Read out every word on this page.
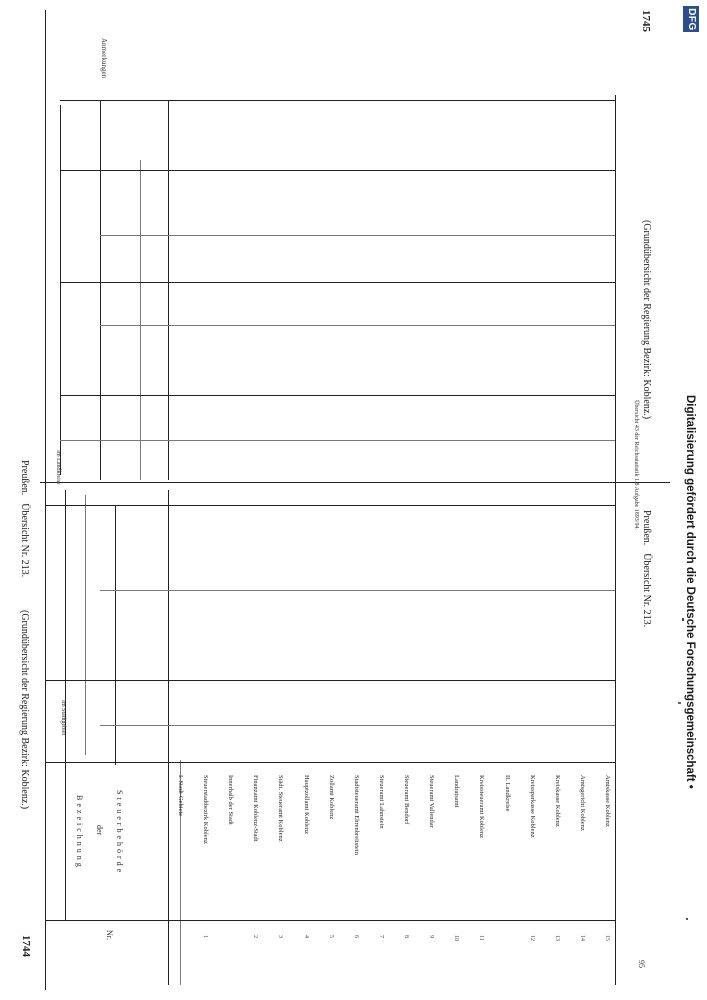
Digitalisierung gefördert durch die Deutsche Forschungsgemeinschaft •
DFG
1745
(Grundübersicht der Regierung Bezirk: Koblenz.)
Preußen.  Übersicht Nr. 213.
Preußen.  Übersicht Nr. 213.
(Grundübersicht der Regierung Bezirk: Koblenz.)
1744
Bezeichnung	der	Steuerbehörde
Nr.
Im Stadtgebiet
Im Landkreise
Anmerkungen
I. Stadt-Gebiete	Steuerstadtbezirk Koblenz
1
Innerhalb der Stadt	Finanzamt Koblenz-Stadt
2
Städt. Steueramt Koblenz
3
Hauptzollamt Koblenz
4
Zollamt Koblenz
5
Stadtsteueramt Ehrenbreitstein
6
Steueramt Lahnstein
7
Steueramt Bendorf
8
Steueramt Vallendar
9
Landratsamt
10
Kreissteueramt Koblenz
11
II. Landkreise	Kreissparkasse Koblenz
12
Kreiskasse Koblenz
13
Amtsgericht Koblenz
14
Amtskasse Koblenz
15
Übersicht 43 der Reichsstatistik 1.8 Aufgabe 1893/94.
95
